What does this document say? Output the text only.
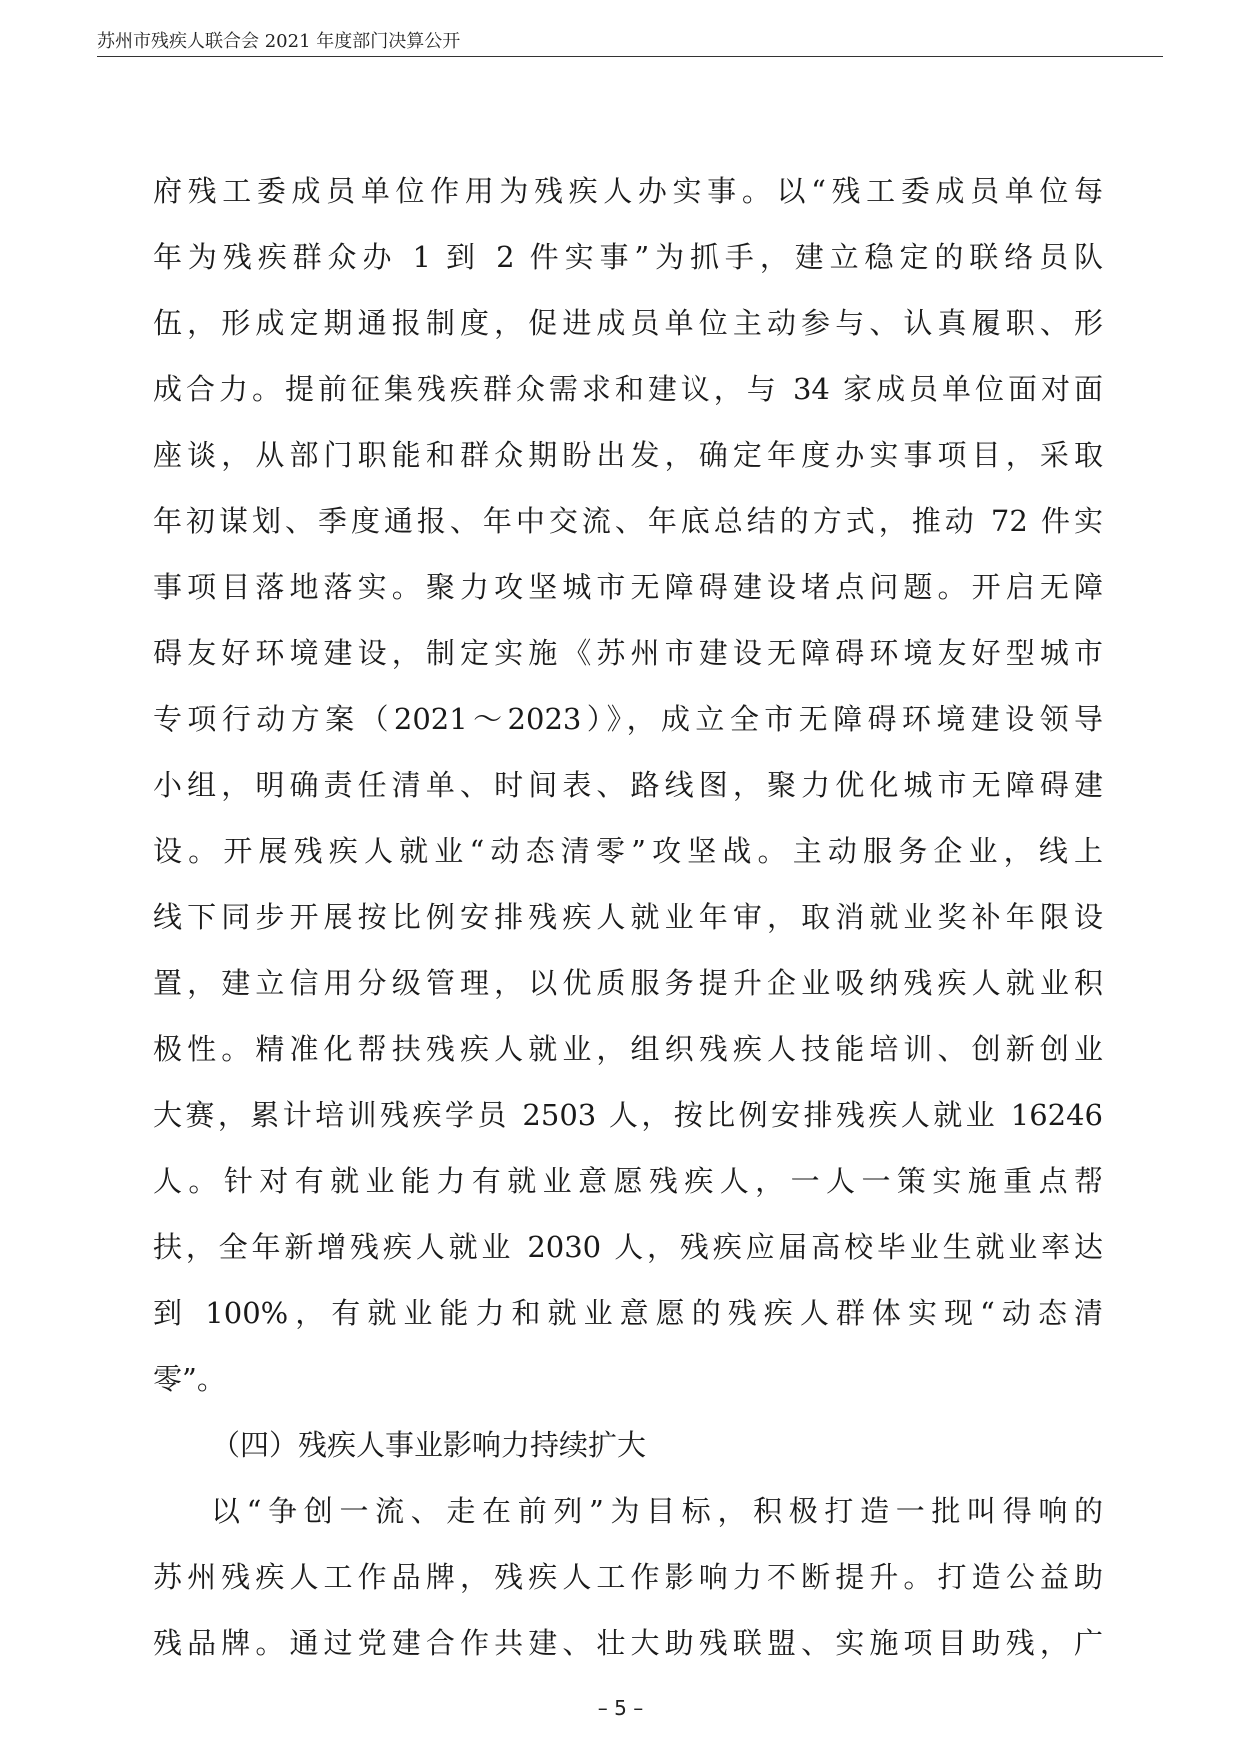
苏州市残疾人联合会 2021 年度部门决算公开
府残工委成员单位作用为残疾人办实事。以“残工委成员单位每
年为残疾群众办 1 到 2 件实事”为抓手，建立稳定的联络员队
伍，形成定期通报制度，促进成员单位主动参与、认真履职、形
成合力。提前征集残疾群众需求和建议，与 34 家成员单位面对面
座谈，从部门职能和群众期盼出发，确定年度办实事项目，采取
年初谋划、季度通报、年中交流、年底总结的方式，推动 72 件实
事项目落地落实。聚力攻坚城市无障碍建设堵点问题。开启无障
碍友好环境建设，制定实施《苏州市建设无障碍环境友好型城市
专项行动方案（2021～2023）》，成立全市无障碍环境建设领导
小组，明确责任清单、时间表、路线图，聚力优化城市无障碍建
设。开展残疾人就业“动态清零”攻坚战。主动服务企业，线上
线下同步开展按比例安排残疾人就业年审，取消就业奖补年限设
置，建立信用分级管理，以优质服务提升企业吸纳残疾人就业积
极性。精准化帮扶残疾人就业，组织残疾人技能培训、创新创业
大赛，累计培训残疾学员 2503 人，按比例安排残疾人就业 16246
人。针对有就业能力有就业意愿残疾人，一人一策实施重点帮
扶，全年新增残疾人就业 2030 人，残疾应届高校毕业生就业率达
到 100%，有就业能力和就业意愿的残疾人群体实现“动态清
零”。
（四）残疾人事业影响力持续扩大
以“争创一流、走在前列”为目标，积极打造一批叫得响的
苏州残疾人工作品牌，残疾人工作影响力不断提升。打造公益助
残品牌。通过党建合作共建、壮大助残联盟、实施项目助残，广
– 5 –
